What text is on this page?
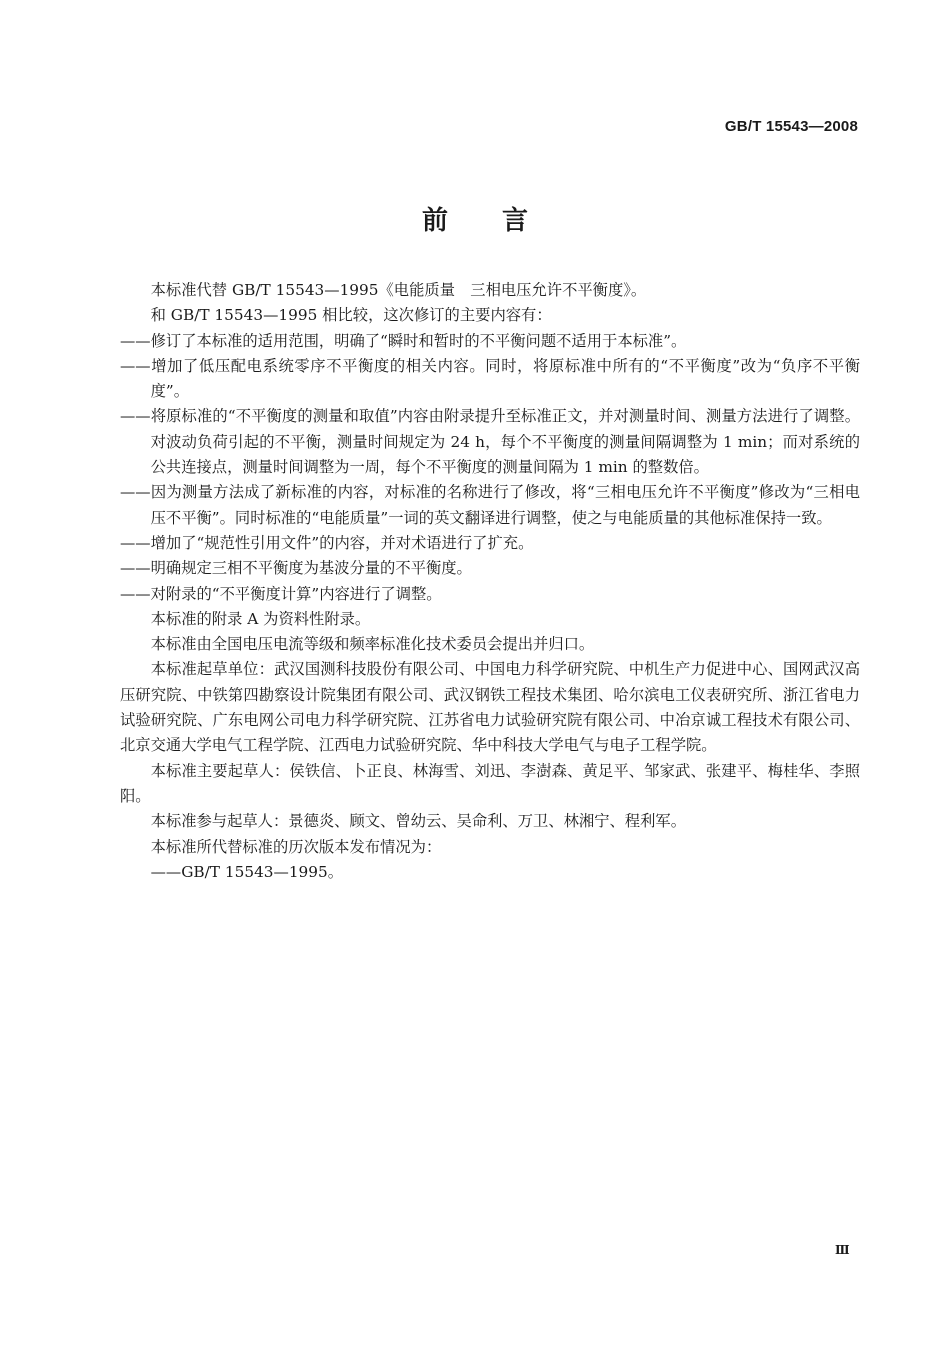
GB/T 15543—2008
前言

本标准代替 GB/T 15543—1995《电能质量　三相电压允许不平衡度》。

和 GB/T 15543—1995 相比较，这次修订的主要内容有：

——修订了本标准的适用范围，明确了“瞬时和暂时的不平衡问题不适用于本标准”。

——增加了低压配电系统零序不平衡度的相关内容。同时，将原标准中所有的“不平衡度”改为“负序不平衡度”。

——将原标准的“不平衡度的测量和取值”内容由附录提升至标准正文，并对测量时间、测量方法进行了调整。对波动负荷引起的不平衡，测量时间规定为 24 h，每个不平衡度的测量间隔调整为 1 min；而对系统的公共连接点，测量时间调整为一周，每个不平衡度的测量间隔为 1 min 的整数倍。

——因为测量方法成了新标准的内容，对标准的名称进行了修改，将“三相电压允许不平衡度”修改为“三相电压不平衡”。同时标准的“电能质量”一词的英文翻译进行调整，使之与电能质量的其他标准保持一致。

——增加了“规范性引用文件”的内容，并对术语进行了扩充。

——明确规定三相不平衡度为基波分量的不平衡度。

——对附录的“不平衡度计算”内容进行了调整。

本标准的附录 A 为资料性附录。

本标准由全国电压电流等级和频率标准化技术委员会提出并归口。

本标准起草单位：武汉国测科技股份有限公司、中国电力科学研究院、中机生产力促进中心、国网武汉高压研究院、中铁第四勘察设计院集团有限公司、武汉钢铁工程技术集团、哈尔滨电工仪表研究所、浙江省电力试验研究院、广东电网公司电力科学研究院、江苏省电力试验研究院有限公司、中冶京诚工程技术有限公司、北京交通大学电气工程学院、江西电力试验研究院、华中科技大学电气与电子工程学院。

本标准主要起草人：侯铁信、卜正良、林海雪、刘迅、李澍森、黄足平、邹家武、张建平、梅桂华、李照阳。

本标准参与起草人：景德炎、顾文、曾幼云、吴命利、万卫、林湘宁、程利军。

本标准所代替标准的历次版本发布情况为：

——GB/T 15543—1995。

Ⅲ
